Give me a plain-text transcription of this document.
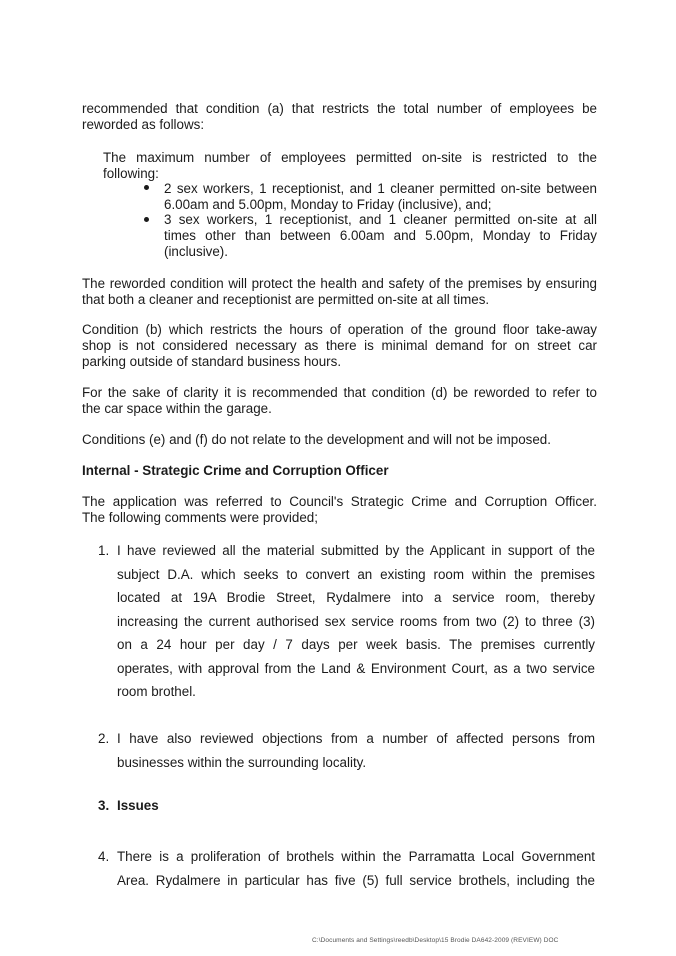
recommended that condition (a) that restricts the total number of employees be
reworded as follows:
The maximum number of employees permitted on-site is restricted to the
following:
2 sex workers, 1 receptionist, and 1 cleaner permitted on-site between
6.00am and 5.00pm, Monday to Friday (inclusive), and;
3 sex workers, 1 receptionist, and 1 cleaner permitted on-site at all
times other than between 6.00am and 5.00pm, Monday to Friday
(inclusive).
The reworded condition will protect the health and safety of the premises by ensuring
that both a cleaner and receptionist are permitted on-site at all times.
Condition (b) which restricts the hours of operation of the ground floor take-away
shop is not considered necessary as there is minimal demand for on street car
parking outside of standard business hours.
For the sake of clarity it is recommended that condition (d) be reworded to refer to
the car space within the garage.
Conditions (e) and (f) do not relate to the development and will not be imposed.
Internal - Strategic Crime and Corruption Officer
The application was referred to Council's Strategic Crime and Corruption Officer.
The following comments were provided;
1. I have reviewed all the material submitted by the Applicant in support of the
subject D.A. which seeks to convert an existing room within the premises
located at 19A Brodie Street, Rydalmere into a service room, thereby
increasing the current authorised sex service rooms from two (2) to three (3)
on a 24 hour per day / 7 days per week basis. The premises currently
operates, with approval from the Land & Environment Court, as a two service
room brothel.
2. I have also reviewed objections from a number of affected persons from
businesses within the surrounding locality.
3. Issues
4. There is a proliferation of brothels within the Parramatta Local Government
Area. Rydalmere in particular has five (5) full service brothels, including the
C:\Documents and Settings\reedb\Desktop\15 Brodie DA642-2009 (REVIEW) DOC
